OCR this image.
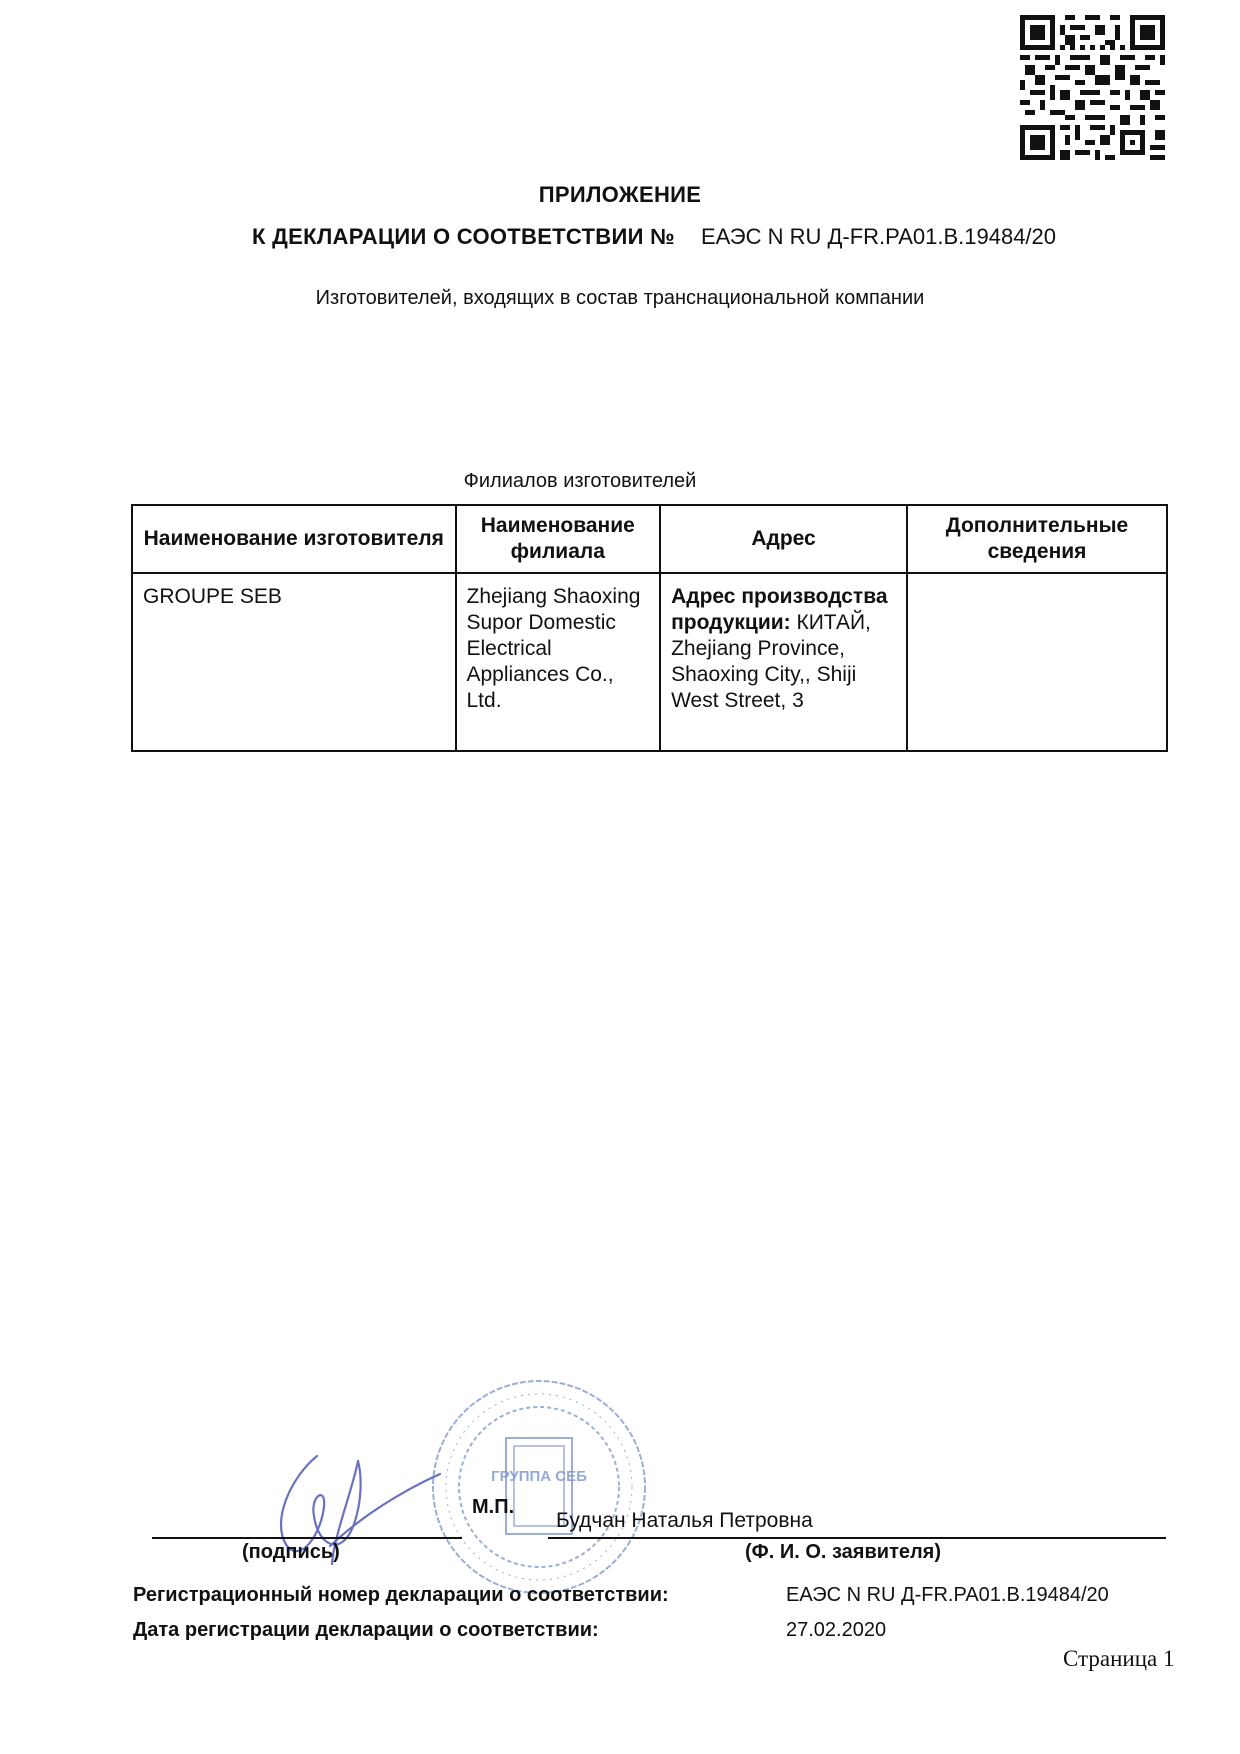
ПРИЛОЖЕНИЕ
К ДЕКЛАРАЦИИ О СООТВЕТСТВИИ № ЕАЭС N RU Д-FR.PA01.B.19484/20
Изготовителей, входящих в состав транснациональной компании
Филиалов изготовителей
Наименование изготовителя	Наименование филиала	Адрес	Дополнительные сведения
GROUPE SEB	Zhejiang Shaoxing Supor Domestic Electrical Appliances Co., Ltd.	Адрес производства продукции: КИТАЙ, Zhejiang Province, Shaoxing City,, Shiji West Street, 3	
ГРУППА СЕБ
М.П.
Будчан Наталья Петровна
(подпись)	(Ф. И. О. заявителя)
Регистрационный номер декларации о соответствии:	ЕАЭС N RU Д-FR.PA01.B.19484/20
Дата регистрации декларации о соответствии:	27.02.2020
Страница 1
